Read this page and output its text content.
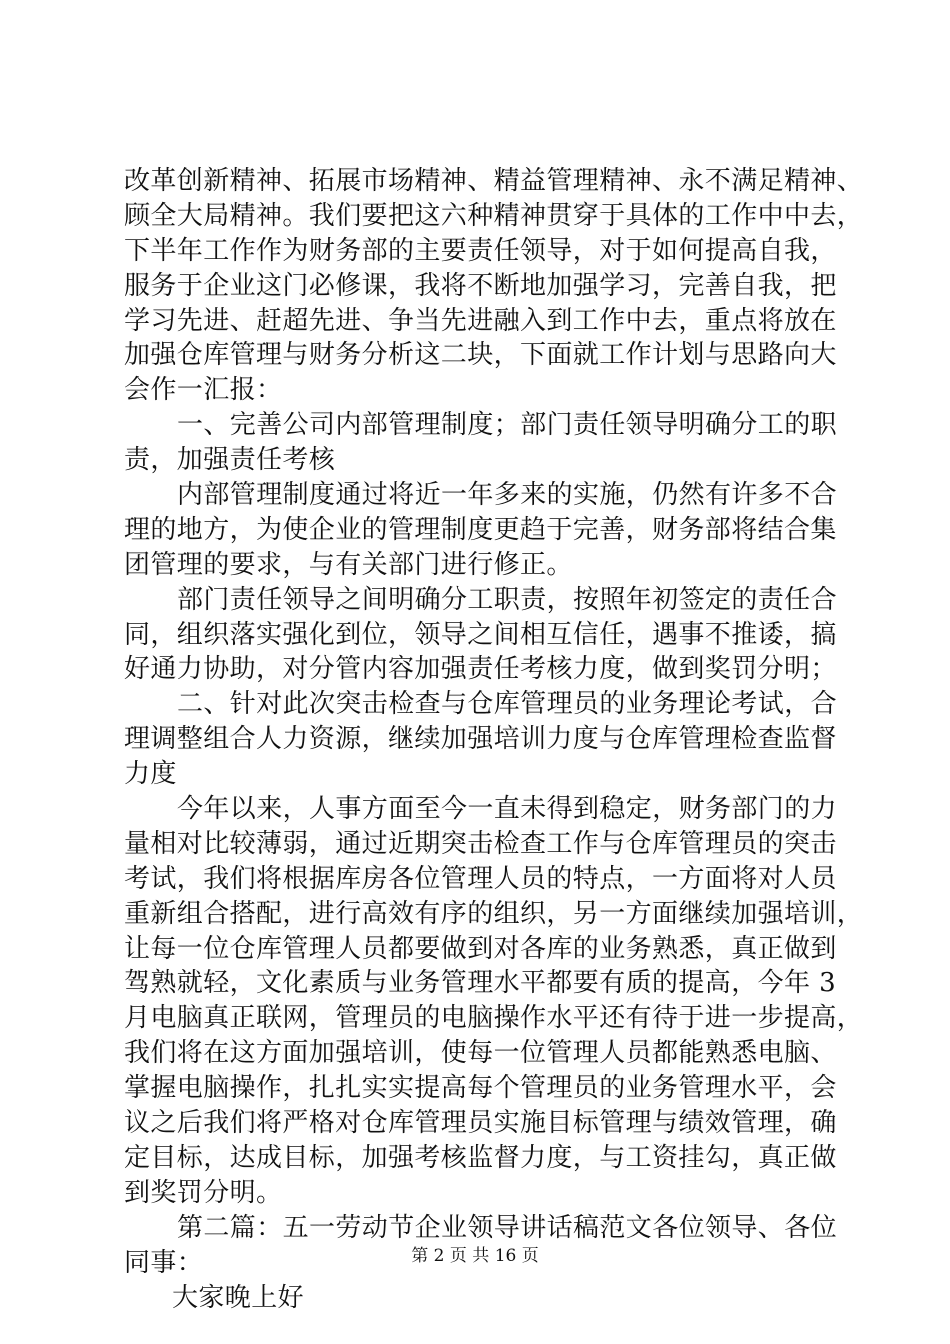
改革创新精神、拓展市场精神、精益管理精神、永不满足精神、
顾全大局精神。我们要把这六种精神贯穿于具体的工作中中去，
下半年工作作为财务部的主要责任领导，对于如何提高自我，
服务于企业这门必修课，我将不断地加强学习，完善自我，把
学习先进、赶超先进、争当先进融入到工作中去，重点将放在
加强仓库管理与财务分析这二块，下面就工作计划与思路向大
会作一汇报：
一、完善公司内部管理制度；部门责任领导明确分工的职
责，加强责任考核
内部管理制度通过将近一年多来的实施，仍然有许多不合
理的地方，为使企业的管理制度更趋于完善，财务部将结合集
团管理的要求，与有关部门进行修正。
部门责任领导之间明确分工职责，按照年初签定的责任合
同，组织落实强化到位，领导之间相互信任，遇事不推诿，搞
好通力协助，对分管内容加强责任考核力度，做到奖罚分明；
二、针对此次突击检查与仓库管理员的业务理论考试，合
理调整组合人力资源，继续加强培训力度与仓库管理检查监督
力度
今年以来，人事方面至今一直未得到稳定，财务部门的力
量相对比较薄弱，通过近期突击检查工作与仓库管理员的突击
考试，我们将根据库房各位管理人员的特点，一方面将对人员
重新组合搭配，进行高效有序的组织，另一方面继续加强培训，
让每一位仓库管理人员都要做到对各库的业务熟悉，真正做到
驾熟就轻，文化素质与业务管理水平都要有质的提高，今年 3
月电脑真正联网，管理员的电脑操作水平还有待于进一步提高，
我们将在这方面加强培训，使每一位管理人员都能熟悉电脑、
掌握电脑操作，扎扎实实提高每个管理员的业务管理水平，会
议之后我们将严格对仓库管理员实施目标管理与绩效管理，确
定目标，达成目标，加强考核监督力度，与工资挂勾，真正做
到奖罚分明。
第二篇：五一劳动节企业领导讲话稿范文各位领导、各位
同事：
大家晚上好
第 2 页 共 16 页
